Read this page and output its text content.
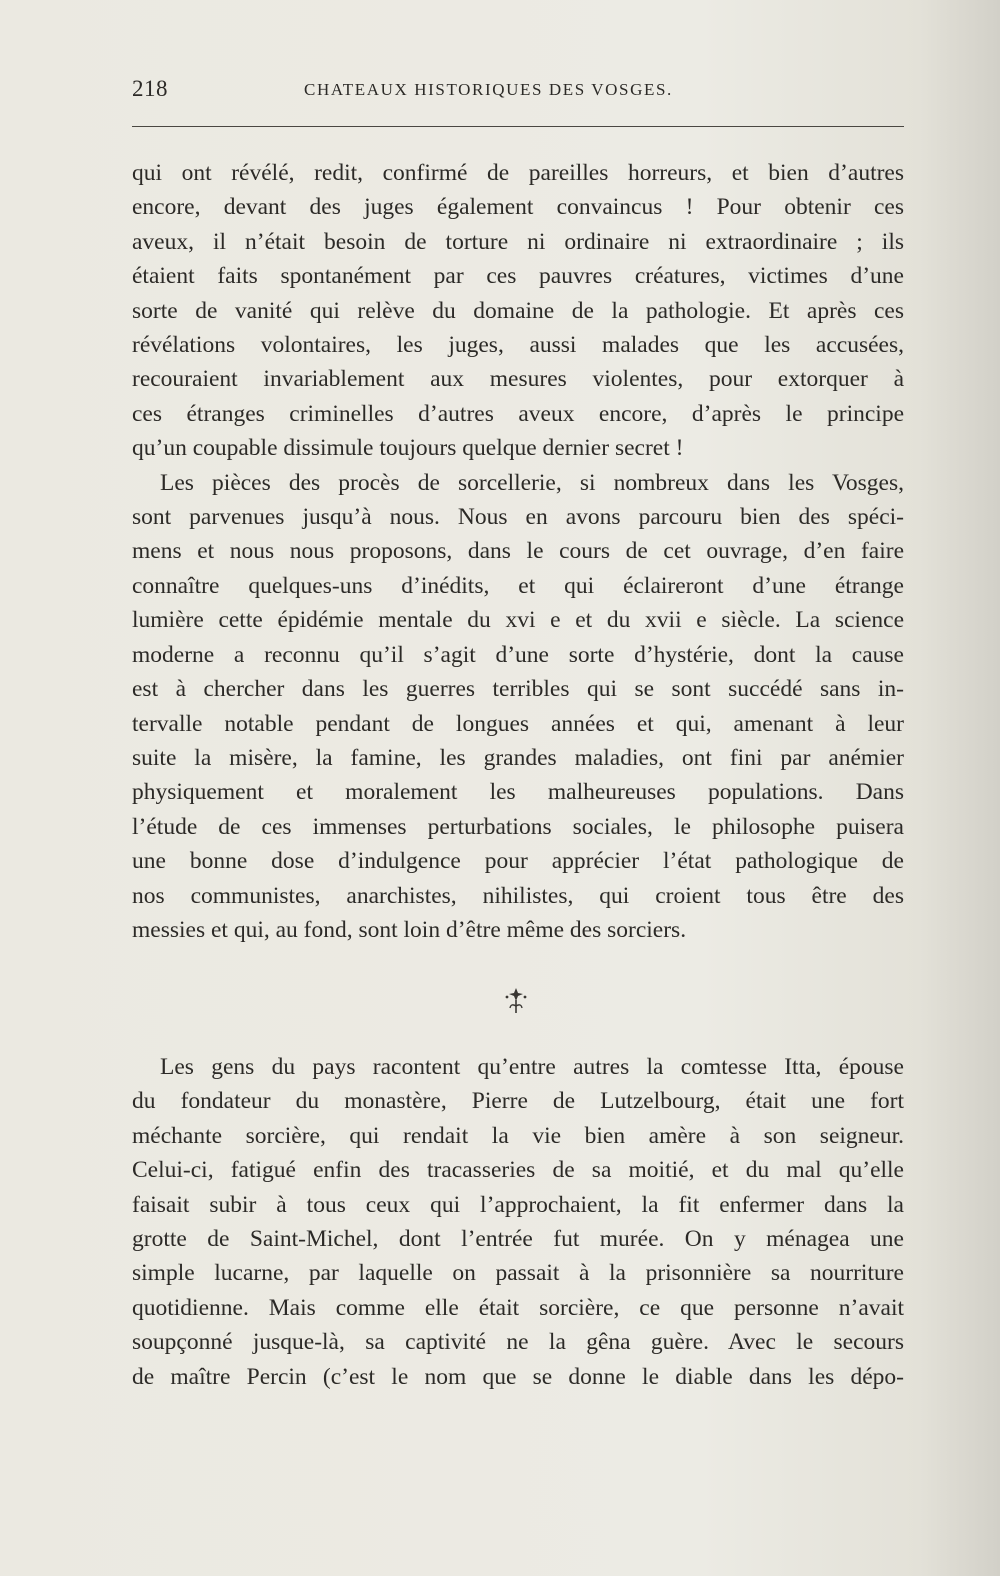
218	CHATEAUX HISTORIQUES DES VOSGES.
qui ont révélé, redit, confirmé de pareilles horreurs, et bien d’autres
encore, devant des juges également convaincus ! Pour obtenir ces
aveux, il n’était besoin de torture ni ordinaire ni extraordinaire ; ils
étaient faits spontanément par ces pauvres créatures, victimes d’une
sorte de vanité qui relève du domaine de la pathologie. Et après ces
révélations volontaires, les juges, aussi malades que les accusées,
recouraient invariablement aux mesures violentes, pour extorquer à
ces étranges criminelles d’autres aveux encore, d’après le principe
qu’un coupable dissimule toujours quelque dernier secret !
Les pièces des procès de sorcellerie, si nombreux dans les Vosges,
sont parvenues jusqu’à nous. Nous en avons parcouru bien des spéci-
mens et nous nous proposons, dans le cours de cet ouvrage, d’en faire
connaître quelques-uns d’inédits, et qui éclaireront d’une étrange
lumière cette épidémie mentale du xvi e et du xvii e siècle. La science
moderne a reconnu qu’il s’agit d’une sorte d’hystérie, dont la cause
est à chercher dans les guerres terribles qui se sont succédé sans in-
tervalle notable pendant de longues années et qui, amenant à leur
suite la misère, la famine, les grandes maladies, ont fini par anémier
physiquement et moralement les malheureuses populations. Dans
l’étude de ces immenses perturbations sociales, le philosophe puisera
une bonne dose d’indulgence pour apprécier l’état pathologique de
nos communistes, anarchistes, nihilistes, qui croient tous être des
messies et qui, au fond, sont loin d’être même des sorciers.
Les gens du pays racontent qu’entre autres la comtesse Itta, épouse
du fondateur du monastère, Pierre de Lutzelbourg, était une fort
méchante sorcière, qui rendait la vie bien amère à son seigneur.
Celui-ci, fatigué enfin des tracasseries de sa moitié, et du mal qu’elle
faisait subir à tous ceux qui l’approchaient, la fit enfermer dans la
grotte de Saint-Michel, dont l’entrée fut murée. On y ménagea une
simple lucarne, par laquelle on passait à la prisonnière sa nourriture
quotidienne. Mais comme elle était sorcière, ce que personne n’avait
soupçonné jusque-là, sa captivité ne la gêna guère. Avec le secours
de maître Percin (c’est le nom que se donne le diable dans les dépo-
